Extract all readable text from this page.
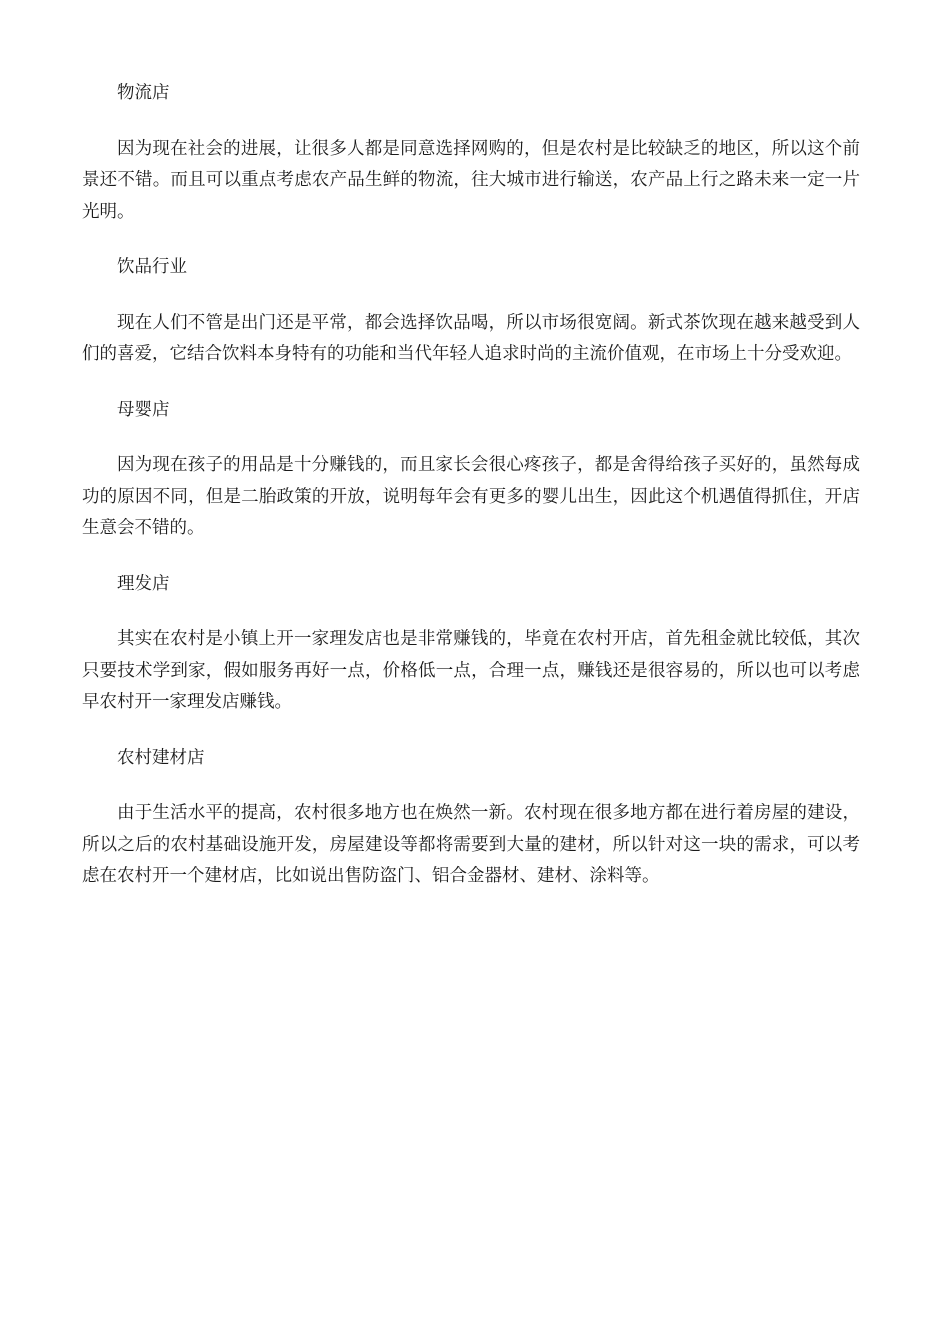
物流店

因为现在社会的进展，让很多人都是同意选择网购的，但是农村是比较缺乏的地区，所以这个前景还不错。而且可以重点考虑农产品生鲜的物流，往大城市进行输送，农产品上行之路未来一定一片光明。

饮品行业

现在人们不管是出门还是平常，都会选择饮品喝，所以市场很宽阔。新式茶饮现在越来越受到人们的喜爱，它结合饮料本身特有的功能和当代年轻人追求时尚的主流价值观，在市场上十分受欢迎。

母婴店

因为现在孩子的用品是十分赚钱的，而且家长会很心疼孩子，都是舍得给孩子买好的，虽然每成功的原因不同，但是二胎政策的开放，说明每年会有更多的婴儿出生，因此这个机遇值得抓住，开店生意会不错的。

理发店

其实在农村是小镇上开一家理发店也是非常赚钱的，毕竟在农村开店，首先租金就比较低，其次只要技术学到家，假如服务再好一点，价格低一点，合理一点，赚钱还是很容易的，所以也可以考虑早农村开一家理发店赚钱。

农村建材店

由于生活水平的提高，农村很多地方也在焕然一新。农村现在很多地方都在进行着房屋的建设，所以之后的农村基础设施开发，房屋建设等都将需要到大量的建材，所以针对这一块的需求，可以考虑在农村开一个建材店，比如说出售防盗门、铝合金器材、建材、涂料等。
